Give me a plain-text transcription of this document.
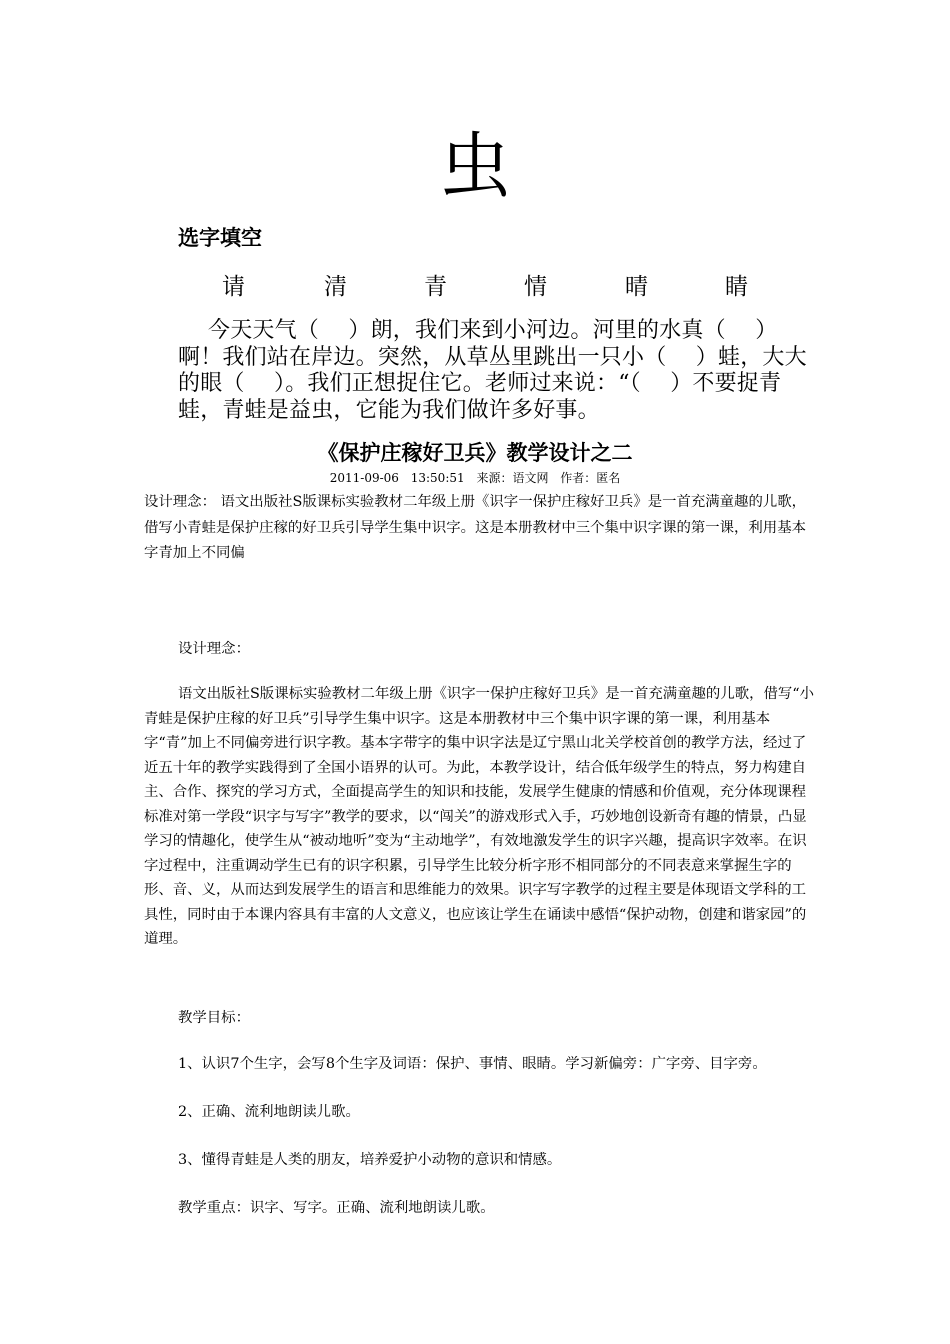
虫
选字填空
请	清	青	情	晴	睛
今天天气（　 ）朗，我们来到小河边。河里的水真（　 ）啊！我们站在岸边。突然，从草丛里跳出一只小（　 ）蛙，大大的眼（　 ）。我们正想捉住它。老师过来说：“（　 ）不要捉青蛙，青蛙是益虫，它能为我们做许多好事。
《保护庄稼好卫兵》教学设计之二
2011-09-06 13:50:51 来源：语文网 作者：匿名
设计理念： 语文出版社S版课标实验教材二年级上册《识字一保护庄稼好卫兵》是一首充满童趣的儿歌，借写小青蛙是保护庄稼的好卫兵引导学生集中识字。这是本册教材中三个集中识字课的第一课，利用基本字青加上不同偏
设计理念：
语文出版社S版课标实验教材二年级上册《识字一保护庄稼好卫兵》是一首充满童趣的儿歌，借写“小青蛙是保护庄稼的好卫兵”引导学生集中识字。这是本册教材中三个集中识字课的第一课，利用基本字“青”加上不同偏旁进行识字教。基本字带字的集中识字法是辽宁黑山北关学校首创的教学方法，经过了近五十年的教学实践得到了全国小语界的认可。为此，本教学设计，结合低年级学生的特点，努力构建自主、合作、探究的学习方式，全面提高学生的知识和技能，发展学生健康的情感和价值观，充分体现课程标准对第一学段“识字与写字”教学的要求，以“闯关”的游戏形式入手，巧妙地创设新奇有趣的情景，凸显学习的情趣化，使学生从“被动地听”变为“主动地学”，有效地激发学生的识字兴趣，提高识字效率。在识字过程中，注重调动学生已有的识字积累，引导学生比较分析字形不相同部分的不同表意来掌握生字的形、音、义，从而达到发展学生的语言和思维能力的效果。识字写字教学的过程主要是体现语文学科的工具性，同时由于本课内容具有丰富的人文意义，也应该让学生在诵读中感悟“保护动物，创建和谐家园”的道理。
教学目标：
1、认识7个生字，会写8个生字及词语：保护、事情、眼睛。学习新偏旁：广字旁、目字旁。
2、正确、流利地朗读儿歌。
3、懂得青蛙是人类的朋友，培养爱护小动物的意识和情感。
教学重点：识字、写字。正确、流利地朗读儿歌。
